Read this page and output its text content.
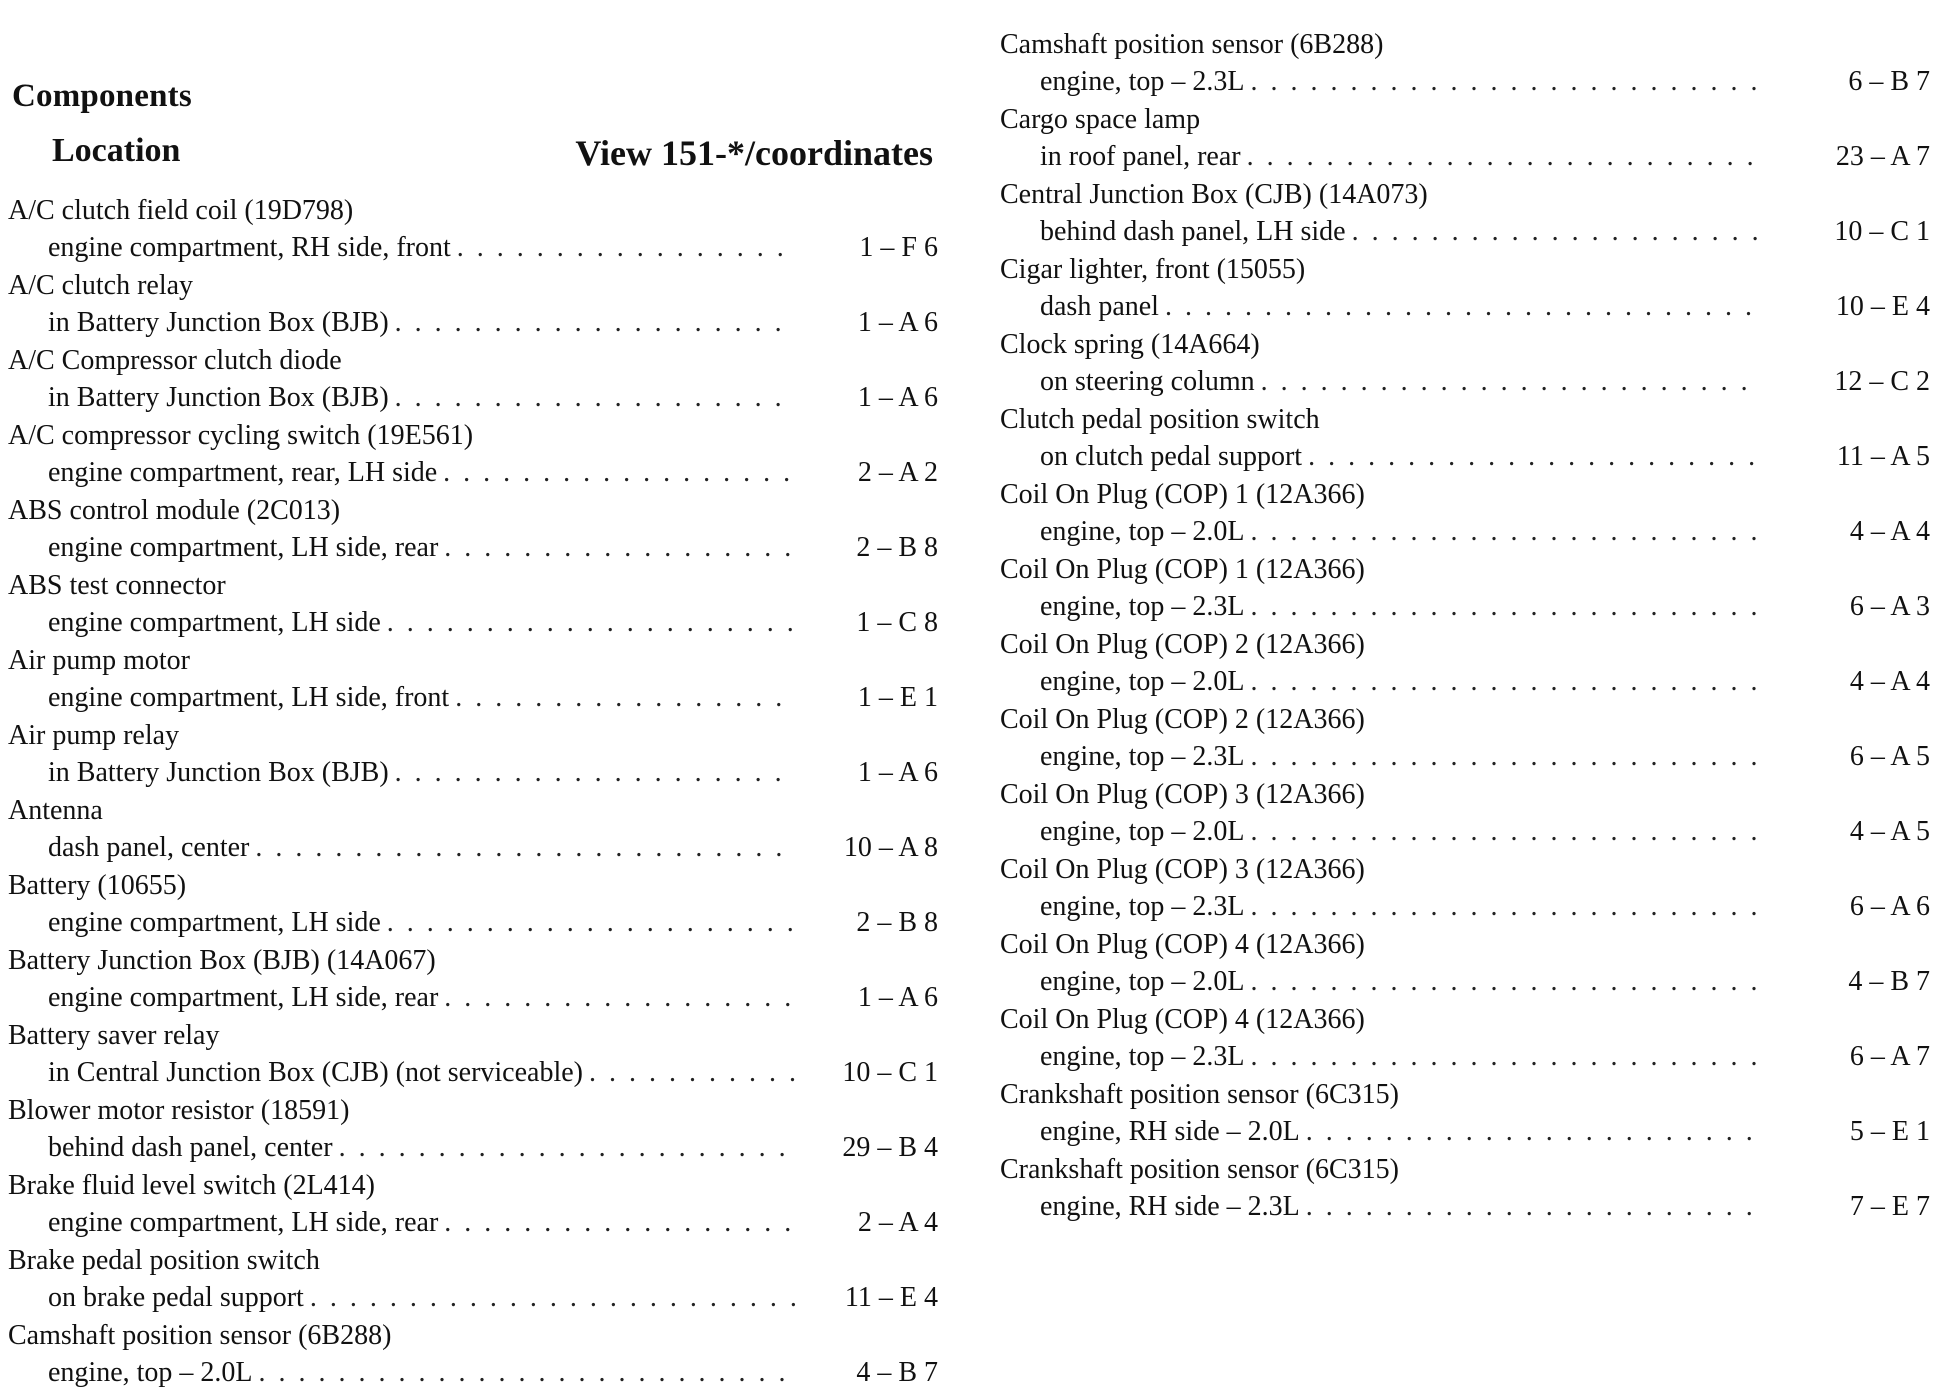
Components
Location	View 151-*/coordinates
A/C clutch field coil (19D798)
engine compartment, RH side, front . . .	1 – F 6
A/C clutch relay
in Battery Junction Box (BJB) . . .	1 – A 6
A/C Compressor clutch diode
in Battery Junction Box (BJB) . . .	1 – A 6
A/C compressor cycling switch (19E561)
engine compartment, rear, LH side . . .	2 – A 2
ABS control module (2C013)
engine compartment, LH side, rear . . .	2 – B 8
ABS test connector
engine compartment, LH side . . .	1 – C 8
Air pump motor
engine compartment, LH side, front . . .	1 – E 1
Air pump relay
in Battery Junction Box (BJB) . . .	1 – A 6
Antenna
dash panel, center . . .	10 – A 8
Battery (10655)
engine compartment, LH side . . .	2 – B 8
Battery Junction Box (BJB) (14A067)
engine compartment, LH side, rear . . .	1 – A 6
Battery saver relay
in Central Junction Box (CJB) (not serviceable) . . .	10 – C 1
Blower motor resistor (18591)
behind dash panel, center . . .	29 – B 4
Brake fluid level switch (2L414)
engine compartment, LH side, rear . . .	2 – A 4
Brake pedal position switch
on brake pedal support . . .	11 – E 4
Camshaft position sensor (6B288)
engine, top – 2.0L . . .	4 – B 7
Camshaft position sensor (6B288)
engine, top – 2.3L . . .	6 – B 7
Cargo space lamp
in roof panel, rear . . .	23 – A 7
Central Junction Box (CJB) (14A073)
behind dash panel, LH side . . .	10 – C 1
Cigar lighter, front (15055)
dash panel . . .	10 – E 4
Clock spring (14A664)
on steering column . . .	12 – C 2
Clutch pedal position switch
on clutch pedal support . . .	11 – A 5
Coil On Plug (COP) 1 (12A366)
engine, top – 2.0L . . .	4 – A 4
Coil On Plug (COP) 1 (12A366)
engine, top – 2.3L . . .	6 – A 3
Coil On Plug (COP) 2 (12A366)
engine, top – 2.0L . . .	4 – A 4
Coil On Plug (COP) 2 (12A366)
engine, top – 2.3L . . .	6 – A 5
Coil On Plug (COP) 3 (12A366)
engine, top – 2.0L . . .	4 – A 5
Coil On Plug (COP) 3 (12A366)
engine, top – 2.3L . . .	6 – A 6
Coil On Plug (COP) 4 (12A366)
engine, top – 2.0L . . .	4 – B 7
Coil On Plug (COP) 4 (12A366)
engine, top – 2.3L . . .	6 – A 7
Crankshaft position sensor (6C315)
engine, RH side – 2.0L . . .	5 – E 1
Crankshaft position sensor (6C315)
engine, RH side – 2.3L . . .	7 – E 7
